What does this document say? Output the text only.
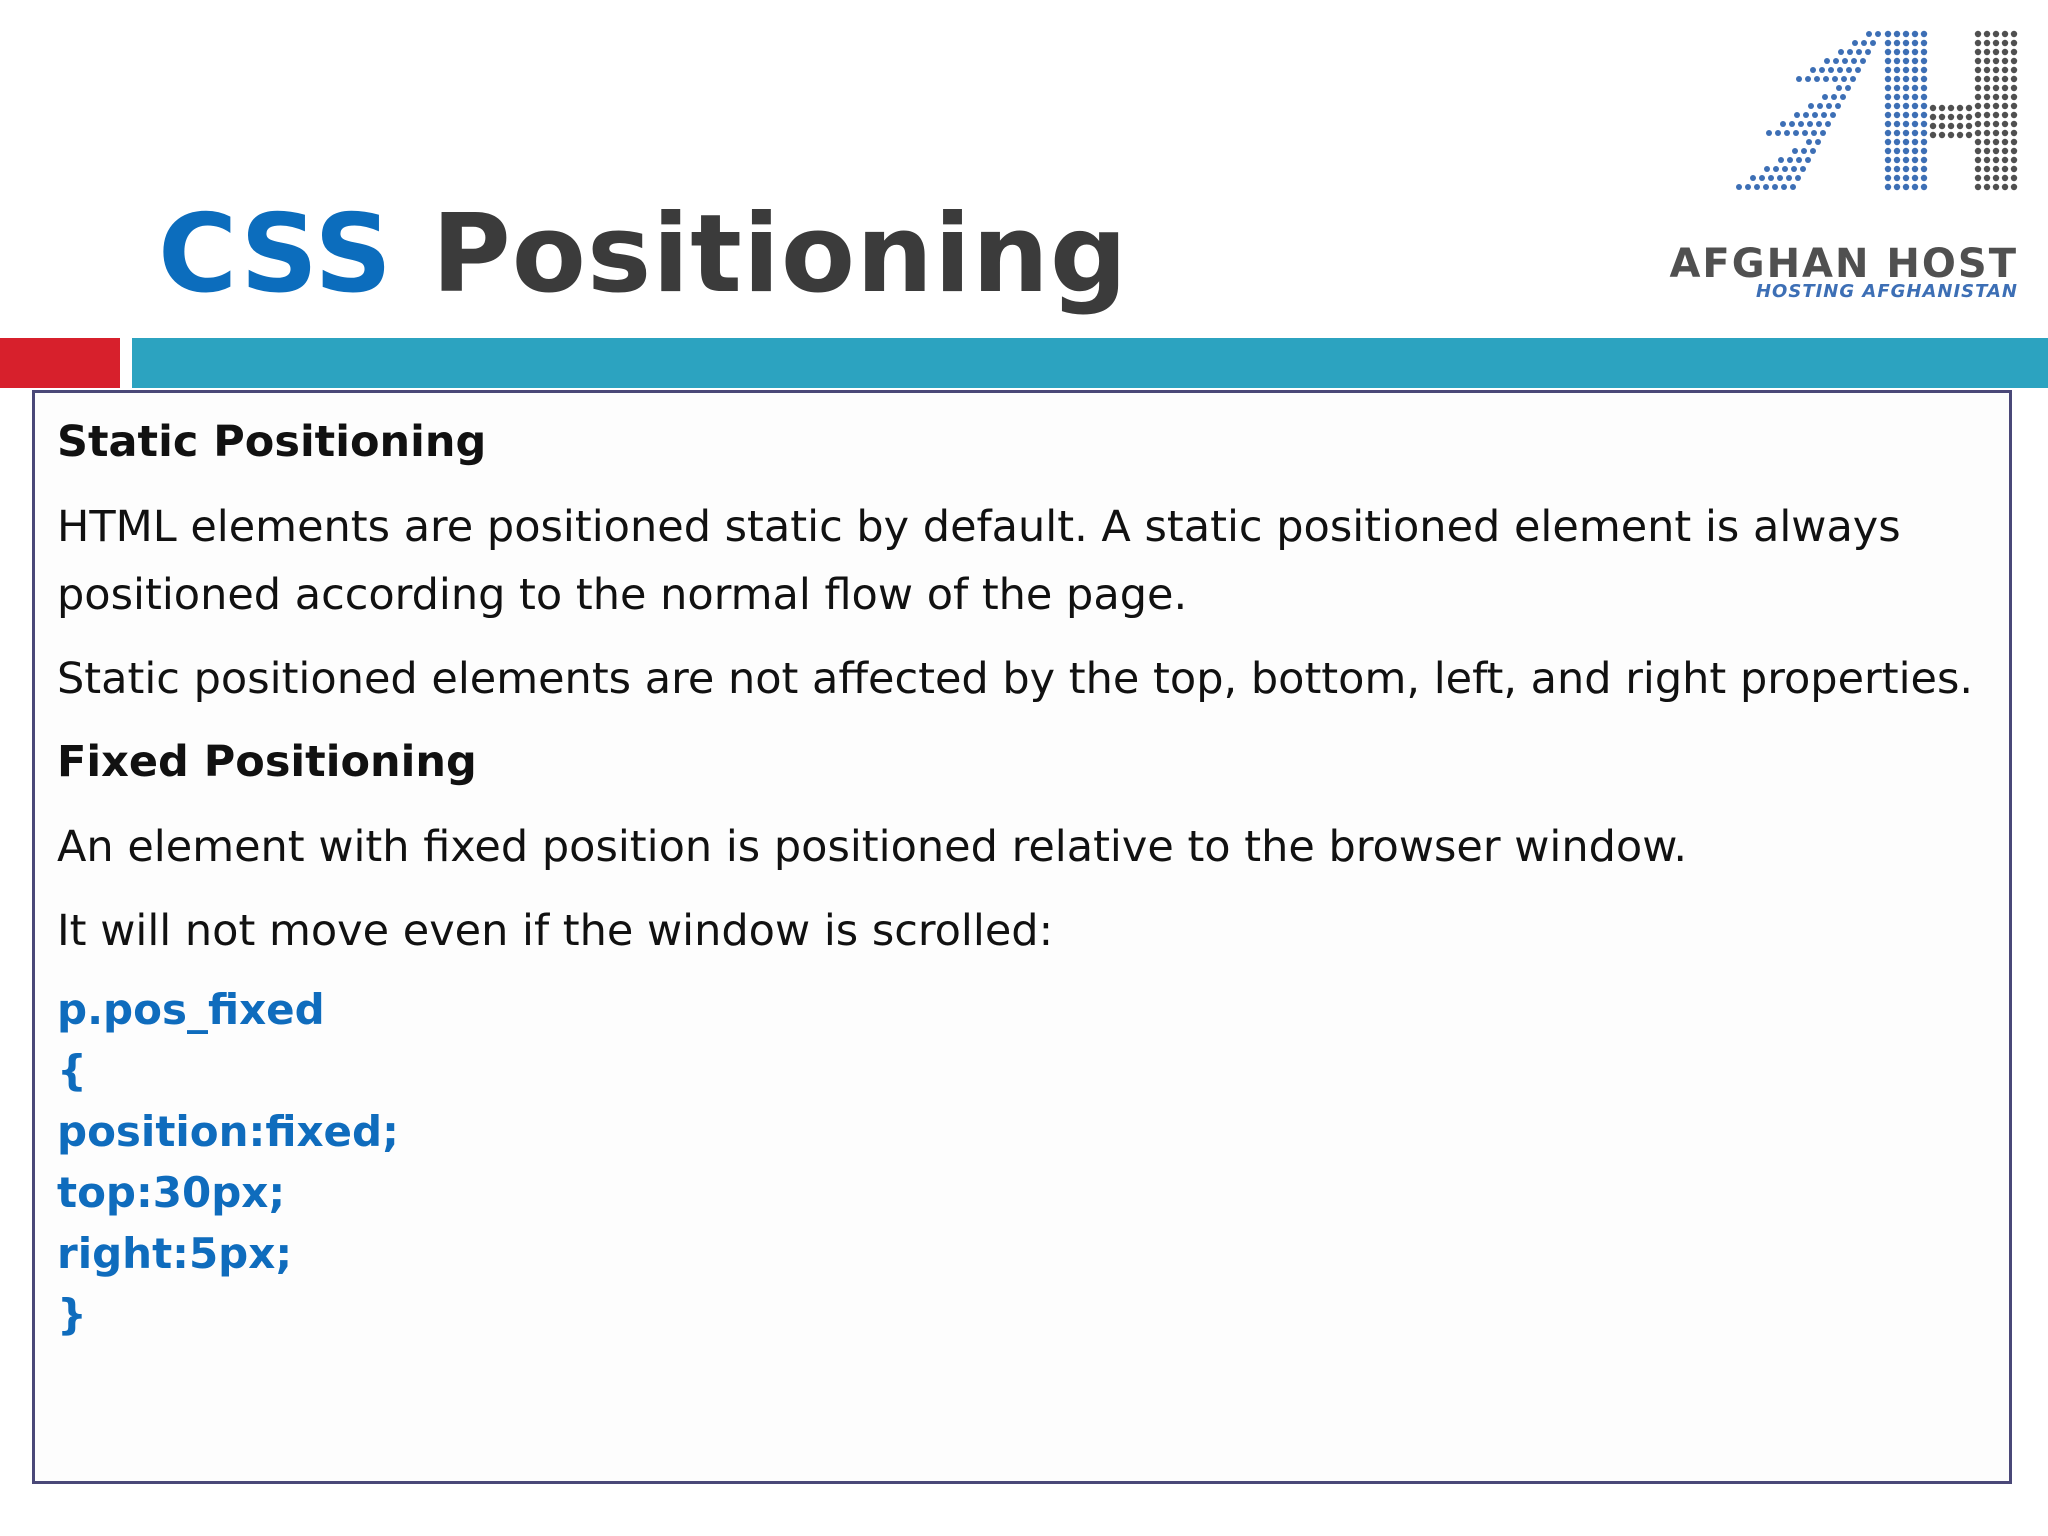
CSS Positioning	AFGHAN HOST
HOSTING AFGHANISTAN

Static Positioning

HTML elements are positioned static by default. A static positioned element is always positioned according to the normal flow of the page.

Static positioned elements are not affected by the top, bottom, left, and right properties.

Fixed Positioning

An element with fixed position is positioned relative to the browser window.

It will not move even if the window is scrolled:

p.pos_fixed
{
position:fixed;
top:30px;
right:5px;
}
